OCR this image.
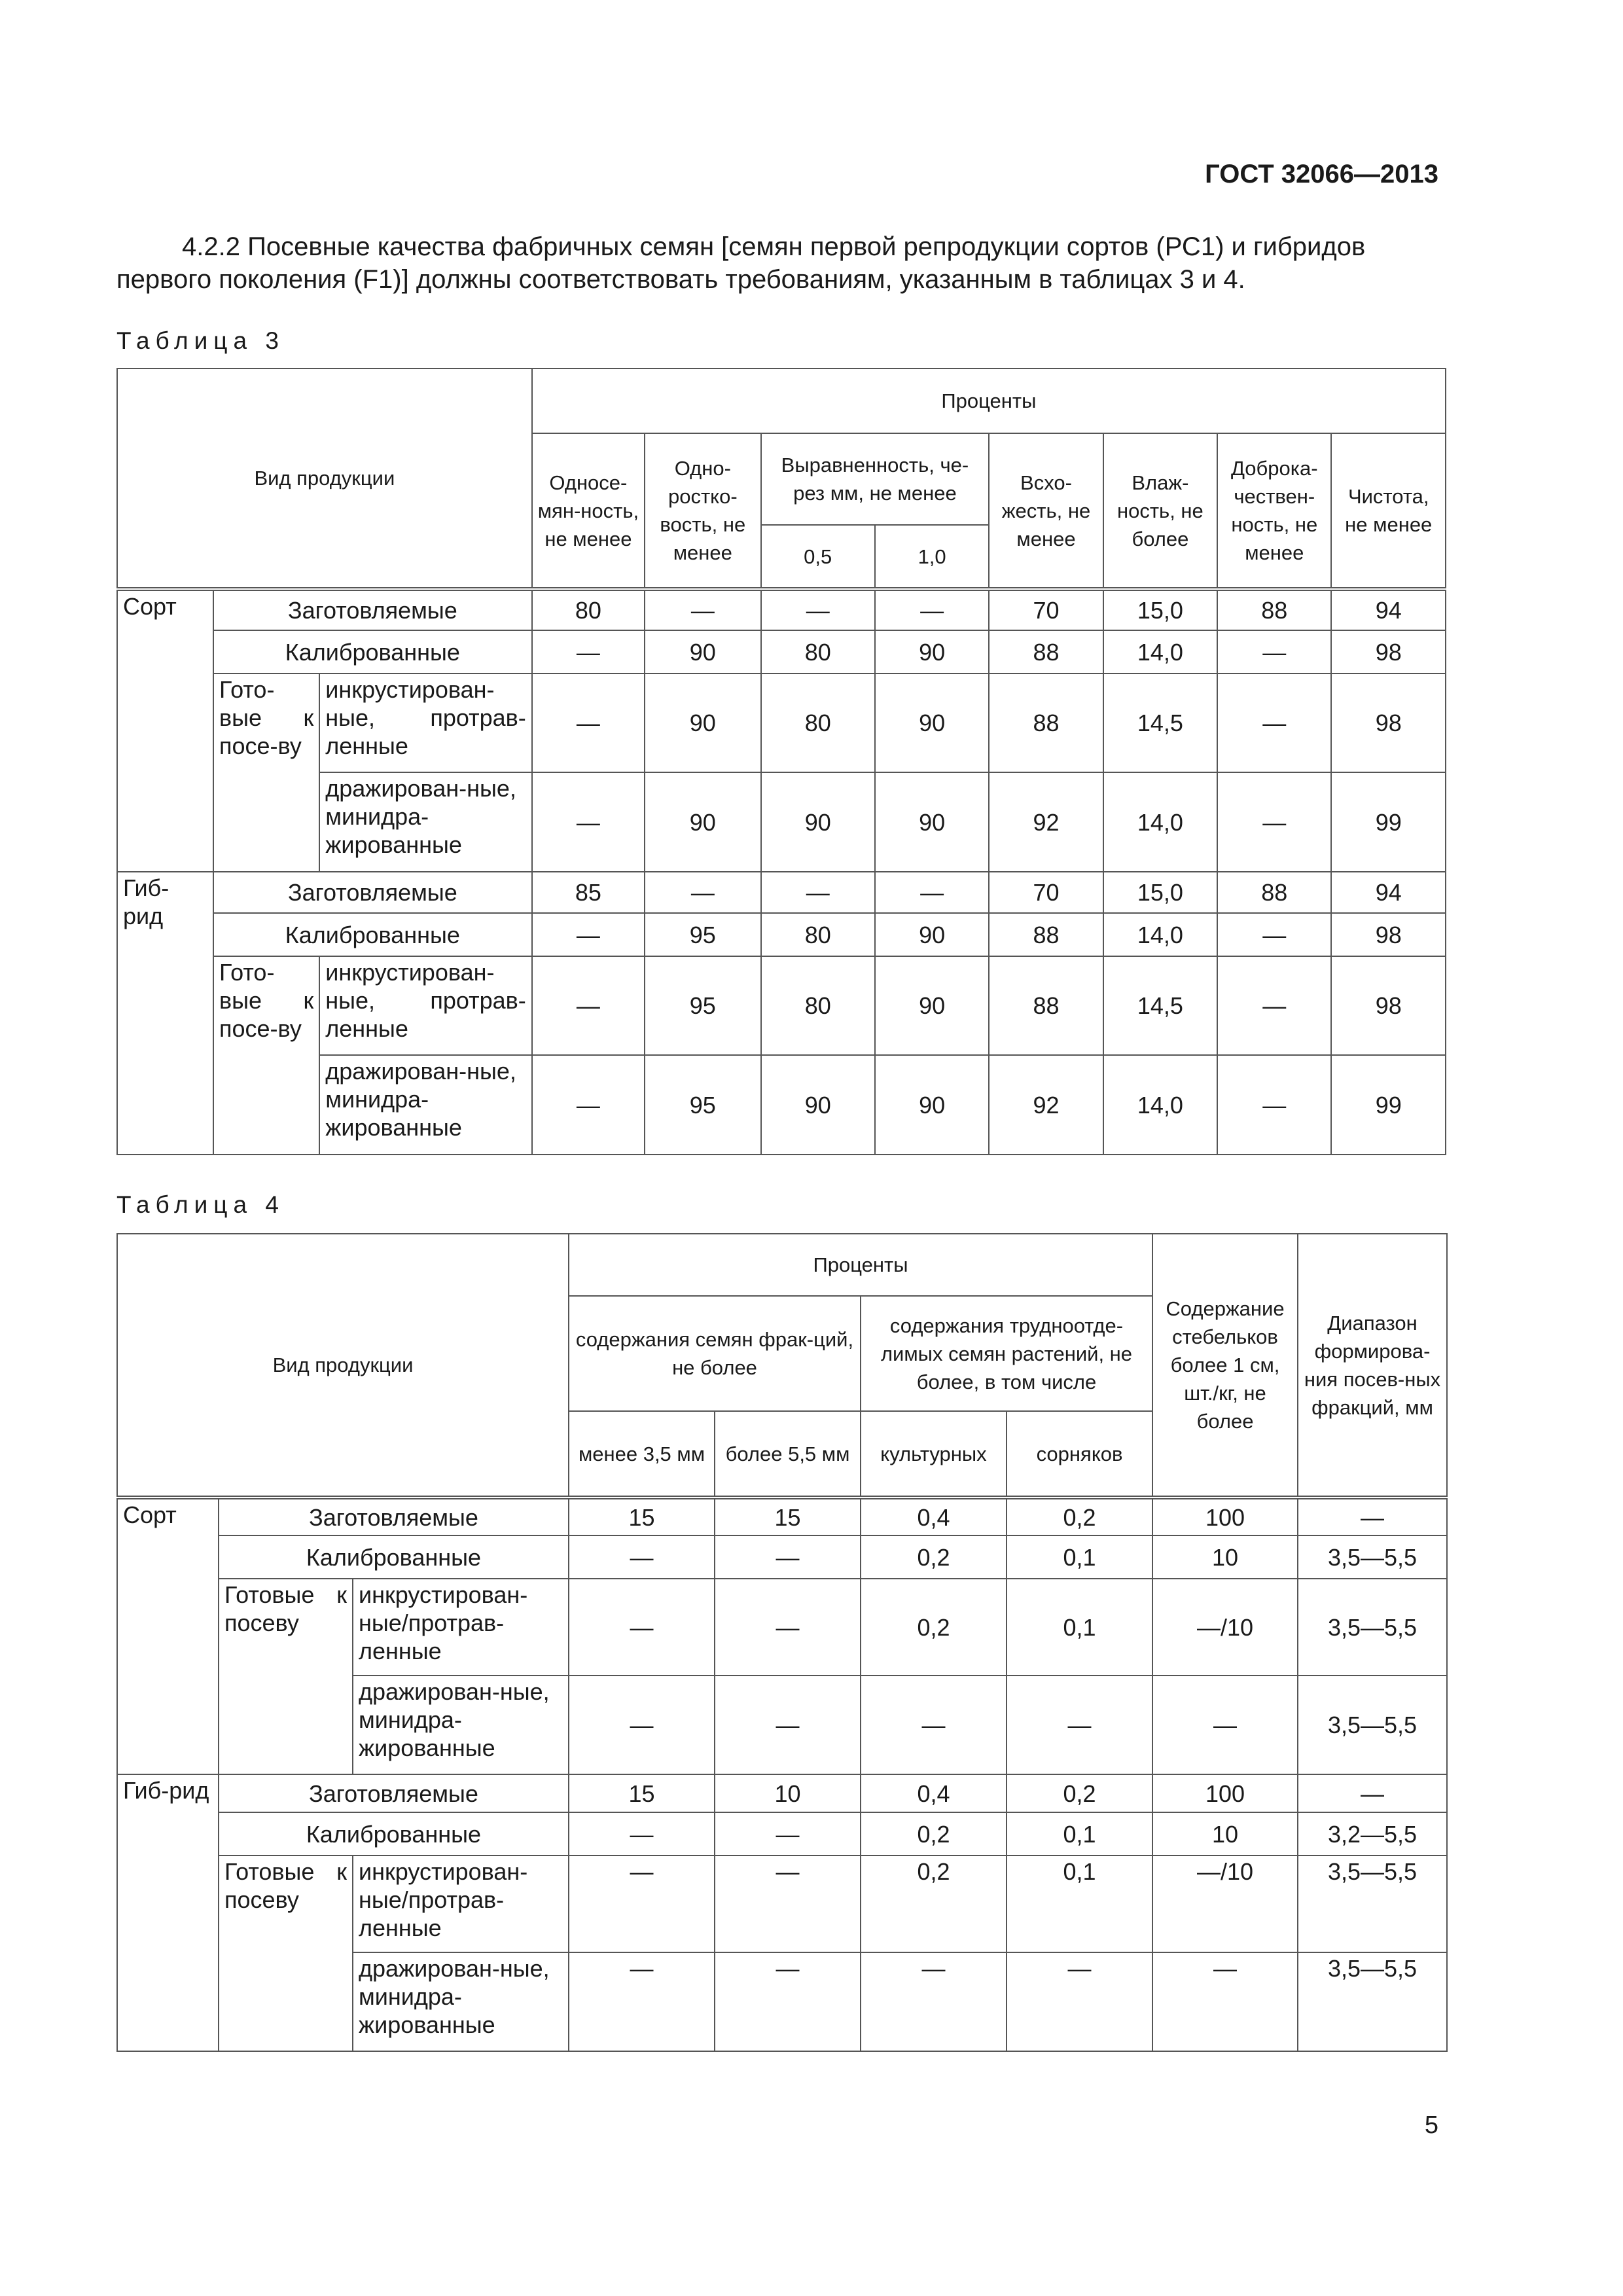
ГОСТ 32066—2013
4.2.2 Посевные качества фабричных семян [семян первой репродукции сортов (РС1) и гибридов первого поколения (F1)] должны соответствовать требованиям, указанным в таблицах 3 и 4.
Таблица 3
Вид продукции			Проценты							
			Односе-мян-ность, не менее	Одно-ростко-вость, не менее	Выравненность, че-рез мм, не менее		Всхо-жесть, не менее	Влаж-ность, не более	Доброка-чествен-ность, не менее	Чистота, не менее
					0,5	1,0				
Сорт	Заготовляемые		80	—	—	—	70	15,0	88	94
	Калиброванные		—	90	80	90	88	14,0	—	98
	Гото-вые к посе-ву	инкрустирован-ные, протрав-ленные	—	90	80	90	88	14,5	—	98
		дражирован-ные, минидра-жированные	—	90	90	90	92	14,0	—	99
Гиб-рид	Заготовляемые		85	—	—	—	70	15,0	88	94
	Калиброванные		—	95	80	90	88	14,0	—	98
	Гото-вые к посе-ву	инкрустирован-ные, протрав-ленные	—	95	80	90	88	14,5	—	98
		дражирован-ные, минидра-жированные	—	95	90	90	92	14,0	—	99
Таблица 4
Вид продукции			Проценты				Содержание стебельков более 1 см, шт./кг, не более	Диапазон формирова-ния посев-ных фракций, мм
			содержания семян фрак-ций, не более		содержания трудноотде-лимых семян растений, не более, в том числе			
			менее 3,5 мм	более 5,5 мм	культурных	сорняков		
Сорт	Заготовляемые		15	15	0,4	0,2	100	—
	Калиброванные		—	—	0,2	0,1	10	3,5—5,5
	Готовые к посеву	инкрустирован-ные/протрав-ленные	—	—	0,2	0,1	—/10	3,5—5,5
		дражирован-ные, минидра-жированные	—	—	—	—	—	3,5—5,5
Гиб-рид	Заготовляемые		15	10	0,4	0,2	100	—
	Калиброванные		—	—	0,2	0,1	10	3,2—5,5
	Готовые к посеву	инкрустирован-ные/протрав-ленные	—	—	0,2	0,1	—/10	3,5—5,5
		дражирован-ные, минидра-жированные	—	—	—	—	—	3,5—5,5
5
